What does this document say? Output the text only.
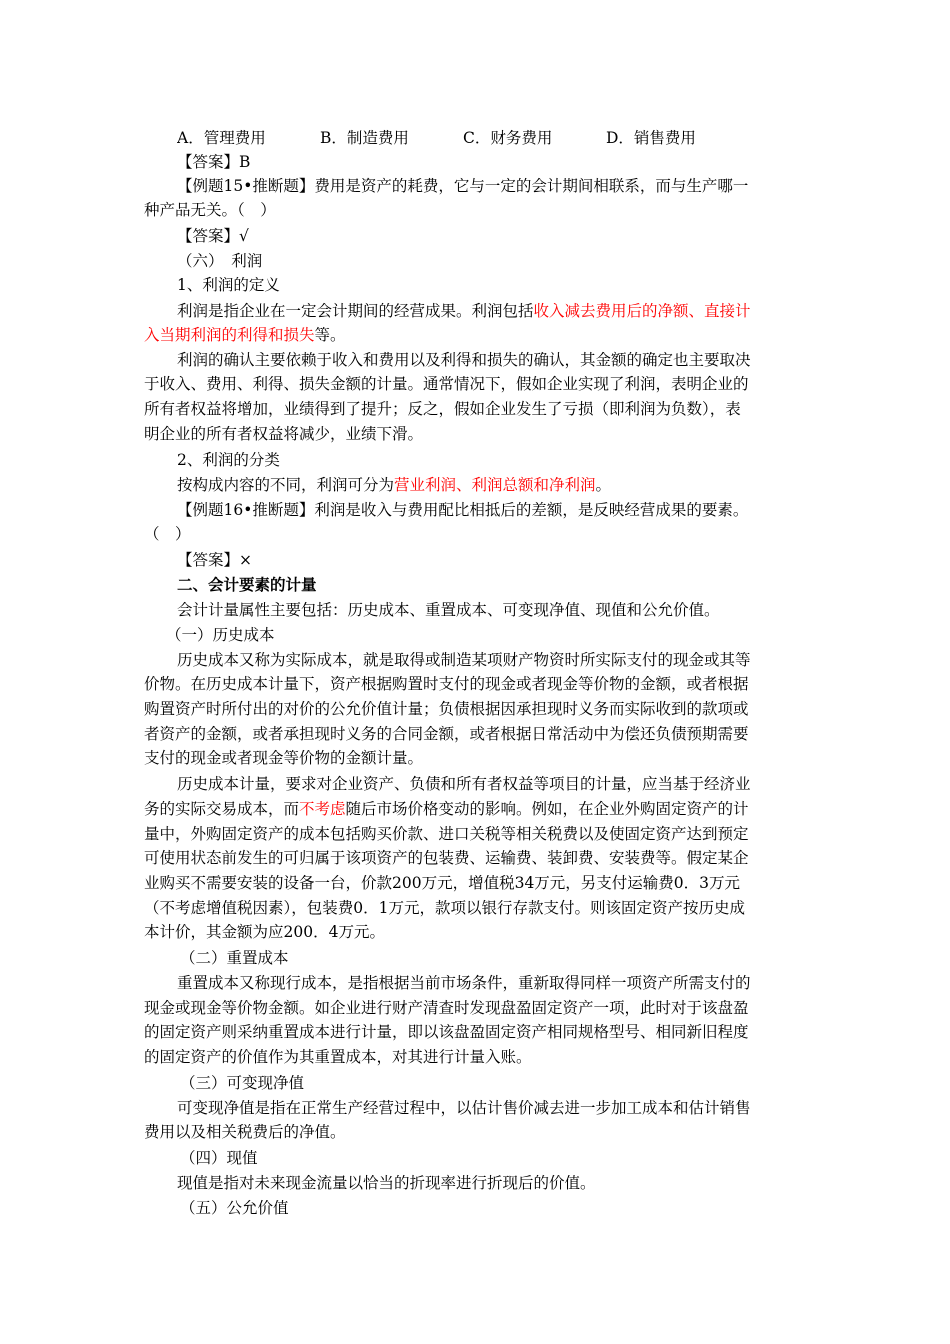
A．管理费用	B．制造费用	C．财务费用	D．销售费用
【答案】B
【例题15•推断题】费用是资产的耗费，它与一定的会计期间相联系，而与生产哪一
种产品无关。（　）
【答案】√
（六）　利润
1、利润的定义
利润是指企业在一定会计期间的经营成果。利润包括收入减去费用后的净额、直接计
入当期利润的利得和损失等。
利润的确认主要依赖于收入和费用以及利得和损失的确认，其金额的确定也主要取决
于收入、费用、利得、损失金额的计量。通常情况下，假如企业实现了利润，表明企业的
所有者权益将增加，业绩得到了提升；反之，假如企业发生了亏损（即利润为负数），表
明企业的所有者权益将减少，业绩下滑。
2、利润的分类
按构成内容的不同，利润可分为营业利润、利润总额和净利润。
【例题16•推断题】利润是收入与费用配比相抵后的差额，是反映经营成果的要素。
（　）
【答案】×
二、会计要素的计量
会计计量属性主要包括：历史成本、重置成本、可变现净值、现值和公允价值。
（一）历史成本
历史成本又称为实际成本，就是取得或制造某项财产物资时所实际支付的现金或其等
价物。在历史成本计量下，资产根据购置时支付的现金或者现金等价物的金额，或者根据
购置资产时所付出的对价的公允价值计量；负债根据因承担现时义务而实际收到的款项或
者资产的金额，或者承担现时义务的合同金额，或者根据日常活动中为偿还负债预期需要
支付的现金或者现金等价物的金额计量。
历史成本计量，要求对企业资产、负债和所有者权益等项目的计量，应当基于经济业
务的实际交易成本，而不考虑随后市场价格变动的影响。例如，在企业外购固定资产的计
量中，外购固定资产的成本包括购买价款、进口关税等相关税费以及使固定资产达到预定
可使用状态前发生的可归属于该项资产的包装费、运输费、装卸费、安装费等。假定某企
业购买不需要安装的设备一台，价款200万元，增值税34万元，另支付运输费0．3万元
（不考虑增值税因素），包装费0．1万元，款项以银行存款支付。则该固定资产按历史成
本计价，其金额为应200．4万元。
（二）重置成本
重置成本又称现行成本，是指根据当前市场条件，重新取得同样一项资产所需支付的
现金或现金等价物金额。如企业进行财产清查时发现盘盈固定资产一项，此时对于该盘盈
的固定资产则采纳重置成本进行计量，即以该盘盈固定资产相同规格型号、相同新旧程度
的固定资产的价值作为其重置成本，对其进行计量入账。
（三）可变现净值
可变现净值是指在正常生产经营过程中，以估计售价减去进一步加工成本和估计销售
费用以及相关税费后的净值。
（四）现值
现值是指对未来现金流量以恰当的折现率进行折现后的价值。
（五）公允价值
